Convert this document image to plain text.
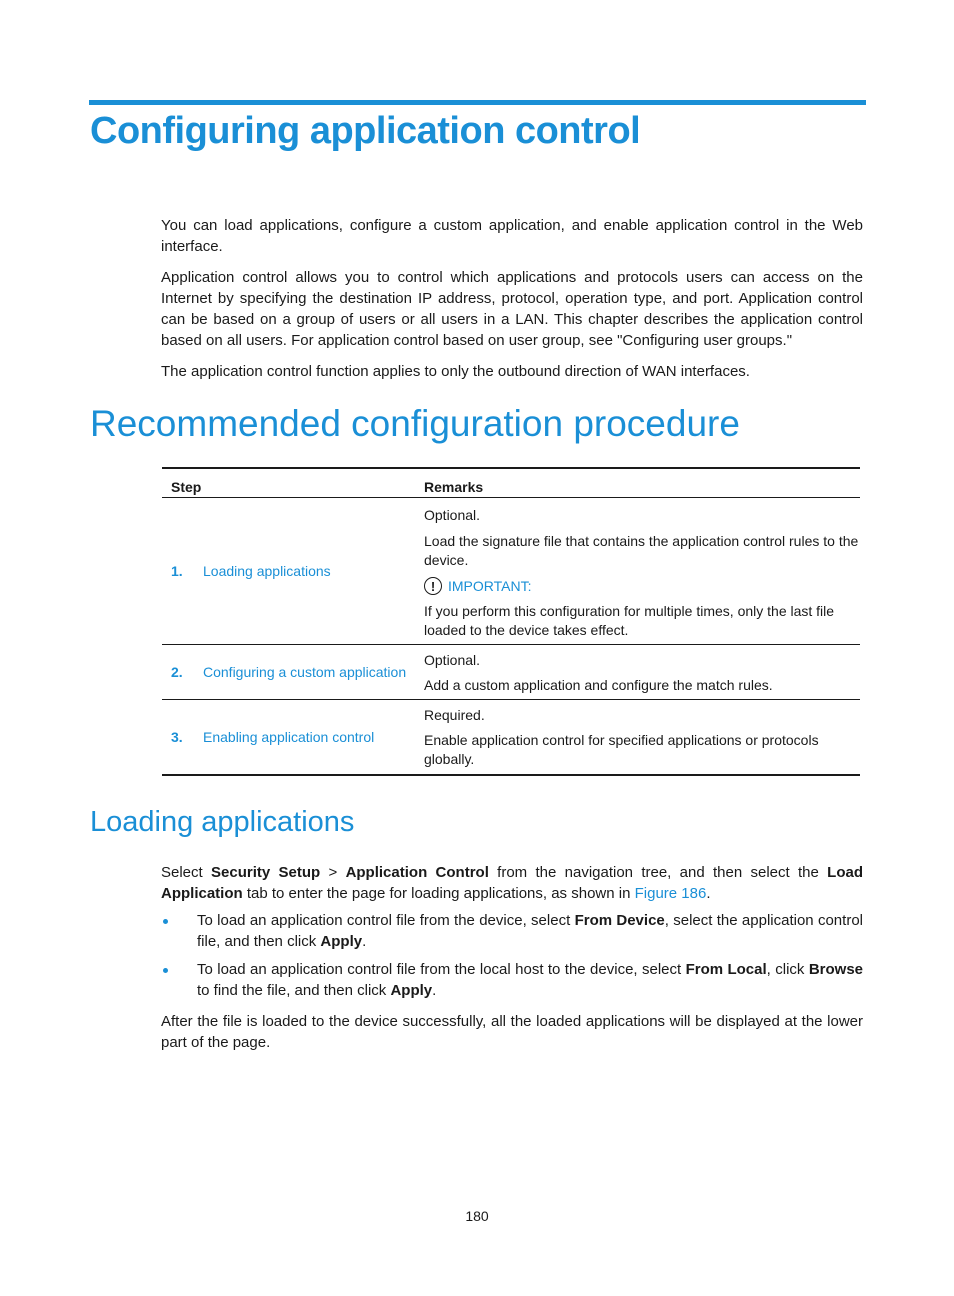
Configuring application control

You can load applications, configure a custom application, and enable application control in the Web interface.

Application control allows you to control which applications and protocols users can access on the Internet by specifying the destination IP address, protocol, operation type, and port. Application control can be based on a group of users or all users in a LAN. This chapter describes the application control based on all users. For application control based on user group, see "Configuring user groups."

The application control function applies to only the outbound direction of WAN interfaces.

Recommended configuration procedure
Step	Remarks
1.	Loading applications

Optional.

Load the signature file that contains the application control rules to the device.

! IMPORTANT:

If you perform this configuration for multiple times, only the last file loaded to the device takes effect.

2.	Configuring a custom application

Optional.

Add a custom application and configure the match rules.

3.	Enabling application control

Required.

Enable application control for specified applications or protocols globally.

Loading applications

Select Security Setup > Application Control from the navigation tree, and then select the Load Application tab to enter the page for loading applications, as shown in Figure 186.

To load an application control file from the device, select From Device, select the application control file, and then click Apply.
To load an application control file from the local host to the device, select From Local, click Browse to find the file, and then click Apply.

After the file is loaded to the device successfully, all the loaded applications will be displayed at the lower part of the page.

180
